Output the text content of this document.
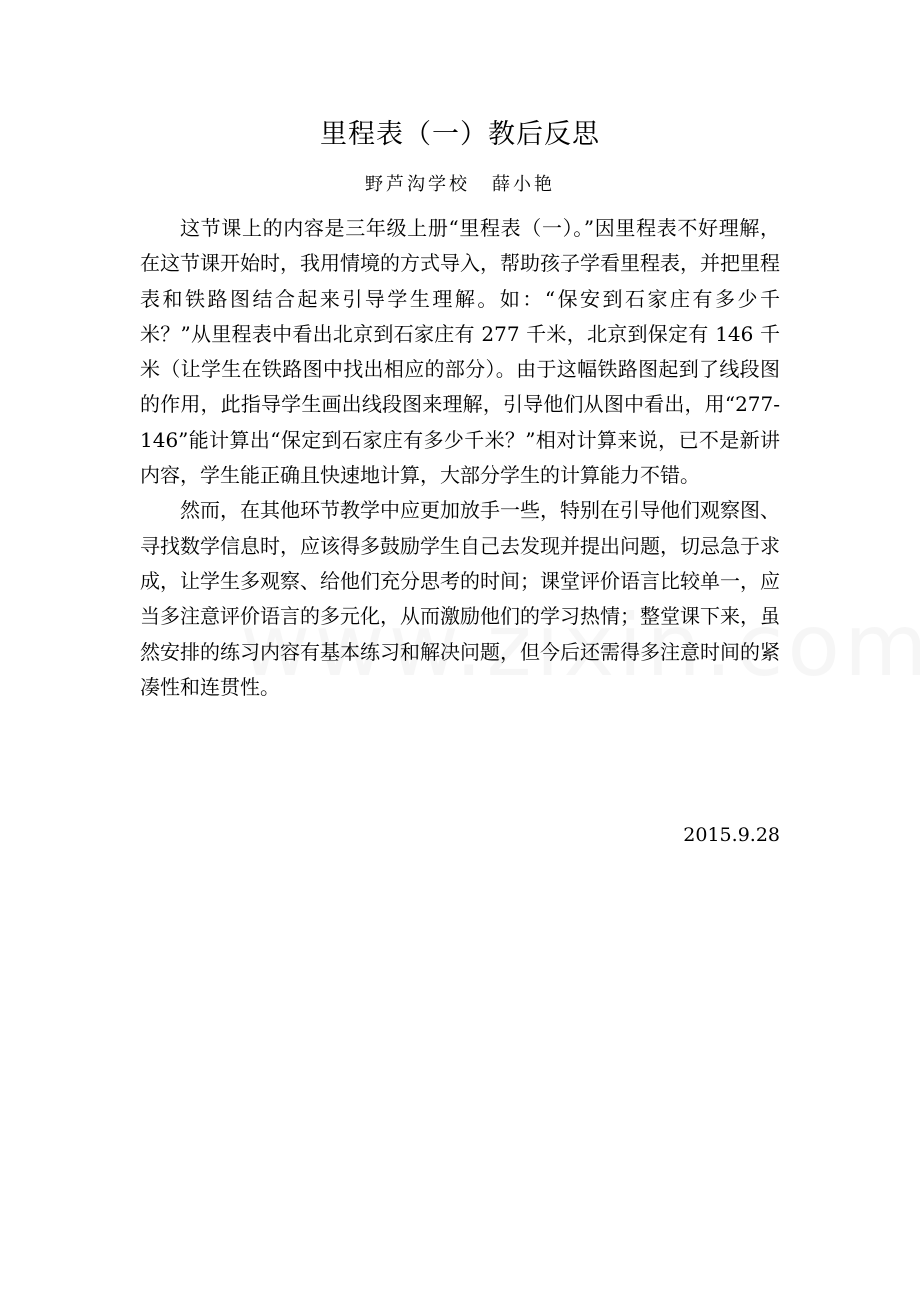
里程表（一）教后反思
野芦沟学校 薛小艳

这节课上的内容是三年级上册“里程表（一）。”因里程表不好理解，在这节课开始时，我用情境的方式导入，帮助孩子学看里程表，并把里程表和铁路图结合起来引导学生理解。如：“保安到石家庄有多少千米？”从里程表中看出北京到石家庄有 277 千米，北京到保定有 146 千米（让学生在铁路图中找出相应的部分）。由于这幅铁路图起到了线段图的作用，此指导学生画出线段图来理解，引导他们从图中看出，用“277-146”能计算出“保定到石家庄有多少千米？”相对计算来说，已不是新讲内容，学生能正确且快速地计算，大部分学生的计算能力不错。

然而，在其他环节教学中应更加放手一些，特别在引导他们观察图、寻找数学信息时，应该得多鼓励学生自己去发现并提出问题，切忌急于求成，让学生多观察、给他们充分思考的时间；课堂评价语言比较单一，应当多注意评价语言的多元化，从而激励他们的学习热情；整堂课下来，虽然安排的练习内容有基本练习和解决问题，但今后还需得多注意时间的紧凑性和连贯性。

2015.9.28
